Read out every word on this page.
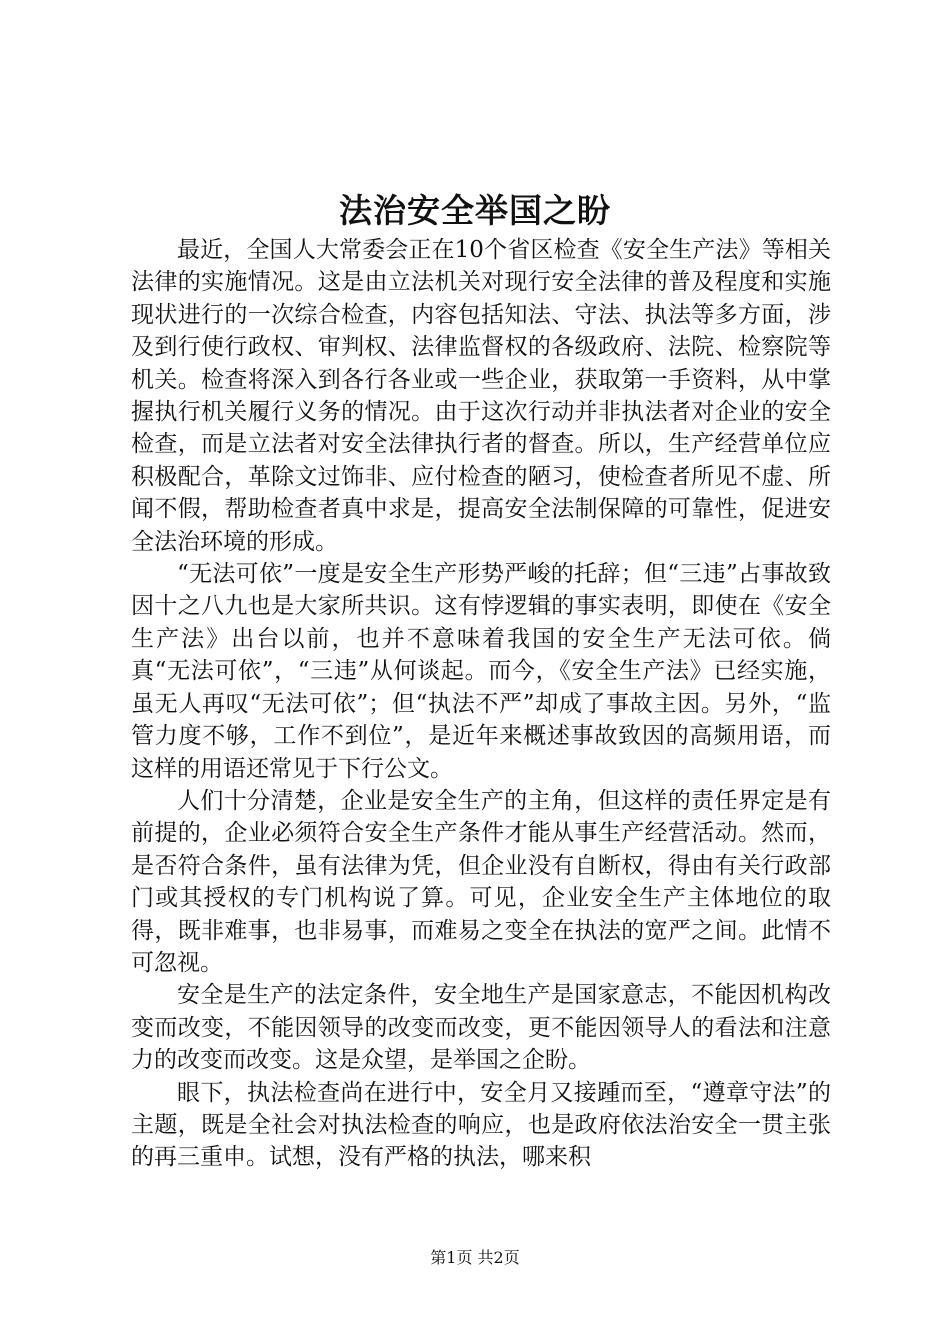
法治安全举国之盼

最近，全国人大常委会正在10个省区检查《安全生产法》等相关法律的实施情况。这是由立法机关对现行安全法律的普及程度和实施现状进行的一次综合检查，内容包括知法、守法、执法等多方面，涉及到行使行政权、审判权、法律监督权的各级政府、法院、检察院等机关。检查将深入到各行各业或一些企业，获取第一手资料，从中掌握执行机关履行义务的情况。由于这次行动并非执法者对企业的安全检查，而是立法者对安全法律执行者的督查。所以，生产经营单位应积极配合，革除文过饰非、应付检查的陋习，使检查者所见不虚、所闻不假，帮助检查者真中求是，提高安全法制保障的可靠性，促进安全法治环境的形成。

“无法可依”一度是安全生产形势严峻的托辞；但“三违”占事故致因十之八九也是大家所共识。这有悖逻辑的事实表明，即使在《安全生产法》出台以前，也并不意味着我国的安全生产无法可依。倘真“无法可依”，“三违”从何谈起。而今，《安全生产法》已经实施，虽无人再叹“无法可依”；但“执法不严”却成了事故主因。另外，“监管力度不够，工作不到位”，是近年来概述事故致因的高频用语，而这样的用语还常见于下行公文。

人们十分清楚，企业是安全生产的主角，但这样的责任界定是有前提的，企业必须符合安全生产条件才能从事生产经营活动。然而，是否符合条件，虽有法律为凭，但企业没有自断权，得由有关行政部门或其授权的专门机构说了算。可见，企业安全生产主体地位的取得，既非难事，也非易事，而难易之变全在执法的宽严之间。此情不可忽视。

安全是生产的法定条件，安全地生产是国家意志，不能因机构改变而改变，不能因领导的改变而改变，更不能因领导人的看法和注意力的改变而改变。这是众望，是举国之企盼。

眼下，执法检查尚在进行中，安全月又接踵而至，“遵章守法”的主题，既是全社会对执法检查的响应，也是政府依法治安全一贯主张的再三重申。试想，没有严格的执法，哪来积

第1页 共2页
